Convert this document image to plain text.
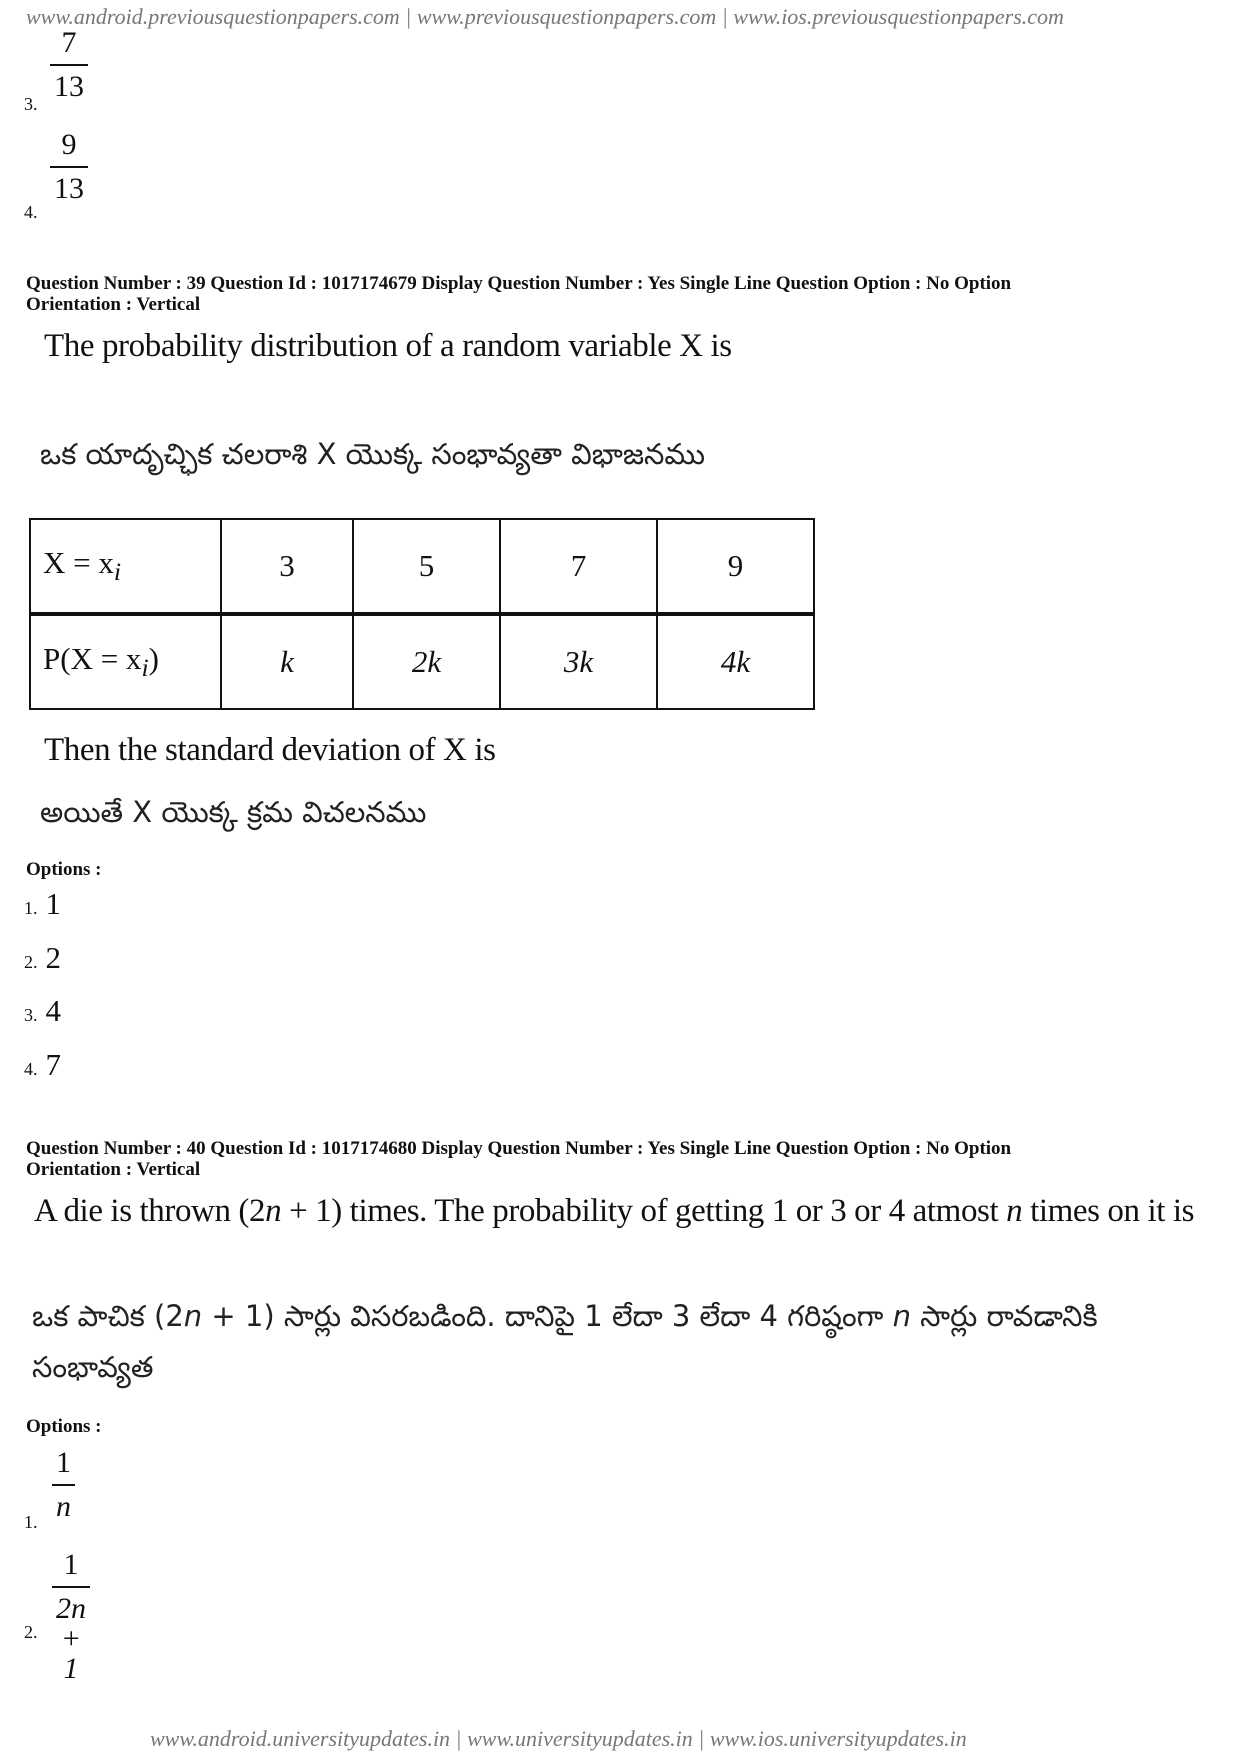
www.android.previousquestionpapers.com | www.previousquestionpapers.com | www.ios.previousquestionpapers.com
3.
7
13
4.
9
13
Question Number : 39 Question Id : 1017174679 Display Question Number : Yes Single Line Question Option : No Option
Orientation : Vertical
The probability distribution of a random variable X is
ఒక యాదృచ్ఛిక చలరాశి X యొక్క సంభావ్యతా విభాజనము
$X = x_i$	3	5	7	9
$P(X = x_i)$	k	2k	3k	4k
Then the standard deviation of X is
అయితే X యొక్క క్రమ విచలనము
Options :
1. 1
2. 2
3. 4
4. 7
Question Number : 40 Question Id : 1017174680 Display Question Number : Yes Single Line Question Option : No Option
Orientation : Vertical
A die is thrown (2n + 1) times. The probability of getting 1 or 3 or 4 atmost n times on it is
ఒక పాచిక (2n + 1) సార్లు విసరబడింది. దానిపై 1 లేదా 3 లేదా 4 గరిష్ఠంగా n సార్లు రావడానికి
సంభావ్యత
Options :
1.
1
n
2.
1
2n + 1
www.android.universityupdates.in | www.universityupdates.in | www.ios.universityupdates.in
